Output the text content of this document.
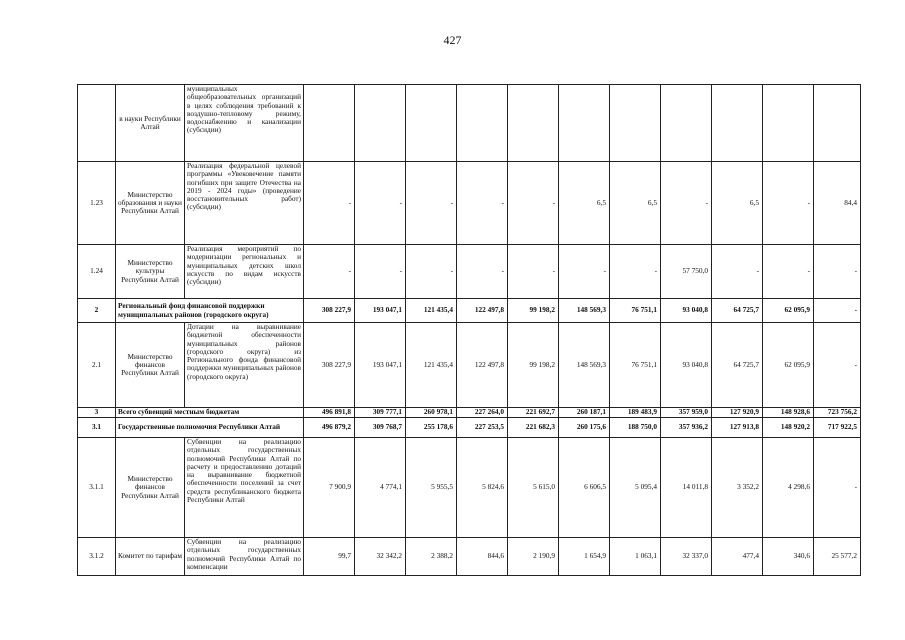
427
	в науки Республики Алтай	муниципальных общеобразовательных организаций в целях соблюдения требований к воздушно-тепловому режиму, водоснабжению и канализации (субсидии)											
1.23	Министерство образования и науки Республики Алтай	Реализация федеральной целевой программы «Увековечение памяти погибших при защите Отечества на 2019 - 2024 годы» (проведение восстановительных работ) (субсидии)	-	-	-	-	-	6,5	6,5	-	6,5	-	84,4
1.24	Министерство культуры Республики Алтай	Реализация мероприятий по модернизации региональных и муниципальных детских школ искусств по видам искусств (субсидии)	-	-	-	-	-	-	-	57 750,0	-	-	-
2	Региональный фонд финансовой поддержки муниципальных районов (городского округа)		308 227,9	193 047,1	121 435,4	122 497,8	99 198,2	148 569,3	76 751,1	93 040,8	64 725,7	62 095,9	-
2.1	Министерство финансов Республики Алтай	Дотации на выравнивание бюджетной обеспеченности муниципальных районов (городского округа) из Регионального фонда финансовой поддержки муниципальных районов (городского округа)	308 227,9	193 047,1	121 435,4	122 497,8	99 198,2	148 569,3	76 751,1	93 040,8	64 725,7	62 095,9	-
3	Всего субвенций местным бюджетам		496 891,8	309 777,1	260 978,1	227 264,0	221 692,7	260 187,1	189 483,9	357 959,0	127 920,9	148 928,6	723 756,2
3.1	Государственные полномочия Республики Алтай		496 879,2	309 768,7	255 178,6	227 253,5	221 682,3	260 175,6	188 750,0	357 936,2	127 913,8	148 920,2	717 922,5
3.1.1	Министерство финансов Республики Алтай	Субвенции на реализацию отдельных государственных полномочий Республики Алтай по расчету и предоставлению дотаций на выравнивание бюджетной обеспеченности поселений за счет средств республиканского бюджета Республики Алтай	7 900,9	4 774,1	5 955,5	5 824,6	5 615,0	6 606,5	5 095,4	14 011,8	3 352,2	4 298,6	-
3.1.2	Комитет по тарифам	Субвенции на реализацию отдельных государственных полномочий Республики Алтай по компенсации	99,7	32 342,2	2 388,2	844,6	2 190,9	1 654,9	1 063,1	32 337,0	477,4	340,6	25 577,2
